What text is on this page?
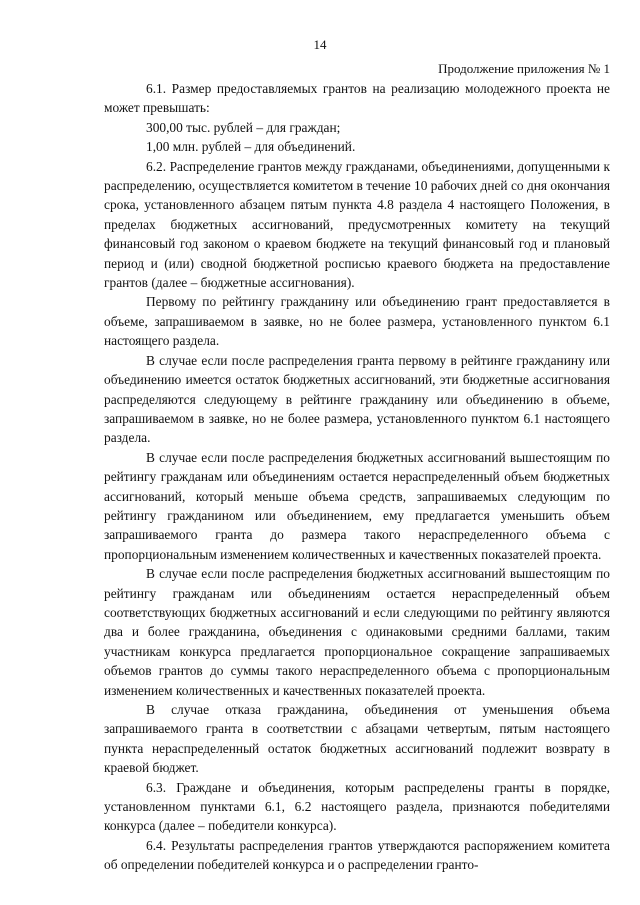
14
Продолжение приложения № 1

6.1. Размер предоставляемых грантов на реализацию молодежного проекта не может превышать:

300,00 тыс. рублей – для граждан;

1,00 млн. рублей – для объединений.

6.2. Распределение грантов между гражданами, объединениями, допущенными к распределению, осуществляется комитетом в течение 10 рабочих дней со дня окончания срока, установленного абзацем пятым пункта 4.8 раздела 4 настоящего Положения, в пределах бюджетных ассигнований, предусмотренных комитету на текущий финансовый год законом о краевом бюджете на текущий финансовый год и плановый период и (или) сводной бюджетной росписью краевого бюджета на предоставление грантов (далее – бюджетные ассигнования).

Первому по рейтингу гражданину или объединению грант предоставляется в объеме, запрашиваемом в заявке, но не более размера, установленного пунктом 6.1 настоящего раздела.

В случае если после распределения гранта первому в рейтинге гражданину или объединению имеется остаток бюджетных ассигнований, эти бюджетные ассигнования распределяются следующему в рейтинге гражданину или объединению в объеме, запрашиваемом в заявке, но не более размера, установленного пунктом 6.1 настоящего раздела.

В случае если после распределения бюджетных ассигнований вышестоящим по рейтингу гражданам или объединениям остается нераспределенный объем бюджетных ассигнований, который меньше объема средств, запрашиваемых следующим по рейтингу гражданином или объединением, ему предлагается уменьшить объем запрашиваемого гранта до размера такого нераспределенного объема с пропорциональным изменением количественных и качественных показателей проекта.

В случае если после распределения бюджетных ассигнований вышестоящим по рейтингу гражданам или объединениям остается нераспределенный объем соответствующих бюджетных ассигнований и если следующими по рейтингу являются два и более гражданина, объединения с одинаковыми средними баллами, таким участникам конкурса предлагается пропорциональное сокращение запрашиваемых объемов грантов до суммы такого нераспределенного объема с пропорциональным изменением количественных и качественных показателей проекта.

В случае отказа гражданина, объединения от уменьшения объема запрашиваемого гранта в соответствии с абзацами четвертым, пятым настоящего пункта нераспределенный остаток бюджетных ассигнований подлежит возврату в краевой бюджет.

6.3. Граждане и объединения, которым распределены гранты в порядке, установленном пунктами 6.1, 6.2 настоящего раздела, признаются победителями конкурса (далее – победители конкурса).

6.4. Результаты распределения грантов утверждаются распоряжением комитета об определении победителей конкурса и о распределении гранто-
